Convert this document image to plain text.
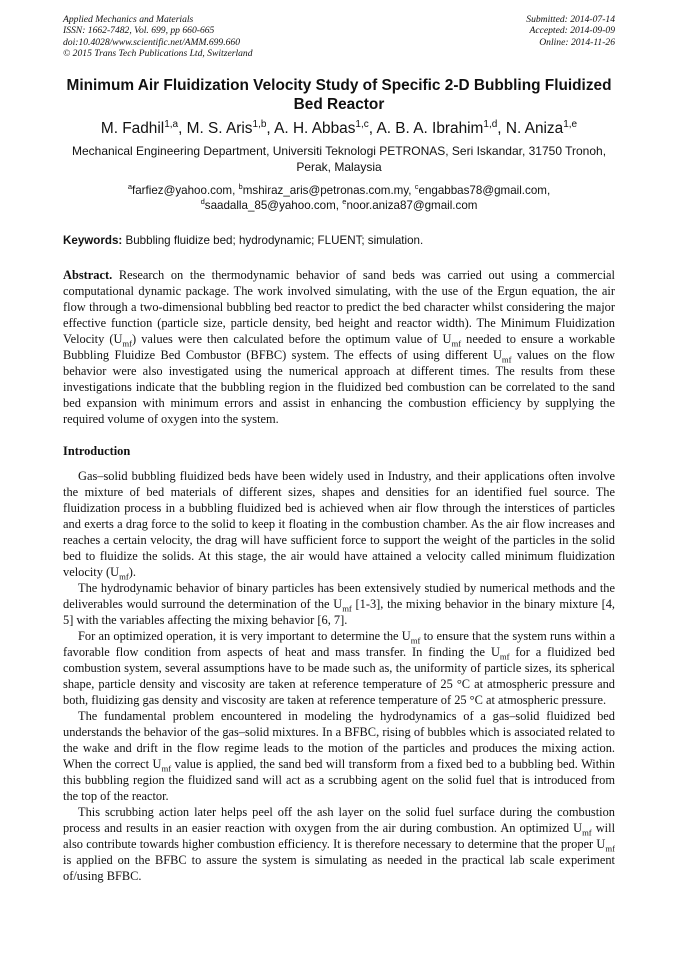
Applied Mechanics and Materials
ISSN: 1662-7482, Vol. 699, pp 660-665
doi:10.4028/www.scientific.net/AMM.699.660
© 2015 Trans Tech Publications Ltd, Switzerland
Submitted: 2014-07-14
Accepted: 2014-09-09
Online: 2014-11-26
Minimum Air Fluidization Velocity Study of Specific 2-D Bubbling Fluidized Bed Reactor
M. Fadhil$^{1,a}$, M. S. Aris$^{1,b}$, A. H. Abbas$^{1,c}$, A. B. A. Ibrahim$^{1,d}$, N. Aniza$^{1,e}$
Mechanical Engineering Department, Universiti Teknologi PETRONAS, Seri Iskandar, 31750 Tronoh, Perak, Malaysia
$^a$farfiez@yahoo.com, $^b$mshiraz_aris@petronas.com.my, $^c$engabbas78@gmail.com,
$^d$saadalla_85@yahoo.com, $^e$noor.aniza87@gmail.com
Keywords: Bubbling fluidize bed; hydrodynamic; FLUENT; simulation.
Abstract. Research on the thermodynamic behavior of sand beds was carried out using a commercial computational dynamic package. The work involved simulating, with the use of the Ergun equation, the air flow through a two-dimensional bubbling bed reactor to predict the bed character whilst considering the major effective function (particle size, particle density, bed height and reactor width). The Minimum Fluidization Velocity $(U_{mf})$ values were then calculated before the optimum value of $U_{mf}$ needed to ensure a workable Bubbling Fluidize Bed Combustor (BFBC) system. The effects of using different $U_{mf}$ values on the flow behavior were also investigated using the numerical approach at different times. The results from these investigations indicate that the bubbling region in the fluidized bed combustion can be correlated to the sand bed expansion with minimum errors and assist in enhancing the combustion efficiency by supplying the required volume of oxygen into the system.
Introduction

Gas–solid bubbling fluidized beds have been widely used in Industry, and their applications often involve the mixture of bed materials of different sizes, shapes and densities for an identified fuel source. The fluidization process in a bubbling fluidized bed is achieved when air flow through the interstices of particles and exerts a drag force to the solid to keep it floating in the combustion chamber. As the air flow increases and reaches a certain velocity, the drag will have sufficient force to support the weight of the particles in the solid bed to fluidize the solids. At this stage, the air would have attained a velocity called minimum fluidization velocity $(U_{mf})$.

The hydrodynamic behavior of binary particles has been extensively studied by numerical methods and the deliverables would surround the determination of the $U_{mf}$ [1-3], the mixing behavior in the binary mixture [4, 5] with the variables affecting the mixing behavior [6, 7].

For an optimized operation, it is very important to determine the $U_{mf}$ to ensure that the system runs within a favorable flow condition from aspects of heat and mass transfer. In finding the $U_{mf}$ for a fluidized bed combustion system, several assumptions have to be made such as, the uniformity of particle sizes, its spherical shape, particle density and viscosity are taken at reference temperature of 25 °C at atmospheric pressure and both, fluidizing gas density and viscosity are taken at reference temperature of 25 °C at atmospheric pressure.

The fundamental problem encountered in modeling the hydrodynamics of a gas–solid fluidized bed understands the behavior of the gas–solid mixtures. In a BFBC, rising of bubbles which is associated related to the wake and drift in the flow regime leads to the motion of the particles and produces the mixing action. When the correct $U_{mf}$ value is applied, the sand bed will transform from a fixed bed to a bubbling bed. Within this bubbling region the fluidized sand will act as a scrubbing agent on the solid fuel that is introduced from the top of the reactor.

This scrubbing action later helps peel off the ash layer on the solid fuel surface during the combustion process and results in an easier reaction with oxygen from the air during combustion. An optimized $U_{mf}$ will also contribute towards higher combustion efficiency. It is therefore necessary to determine that the proper $U_{mf}$ is applied on the BFBC to assure the system is simulating as needed in the practical lab scale experiment of/using BFBC.
